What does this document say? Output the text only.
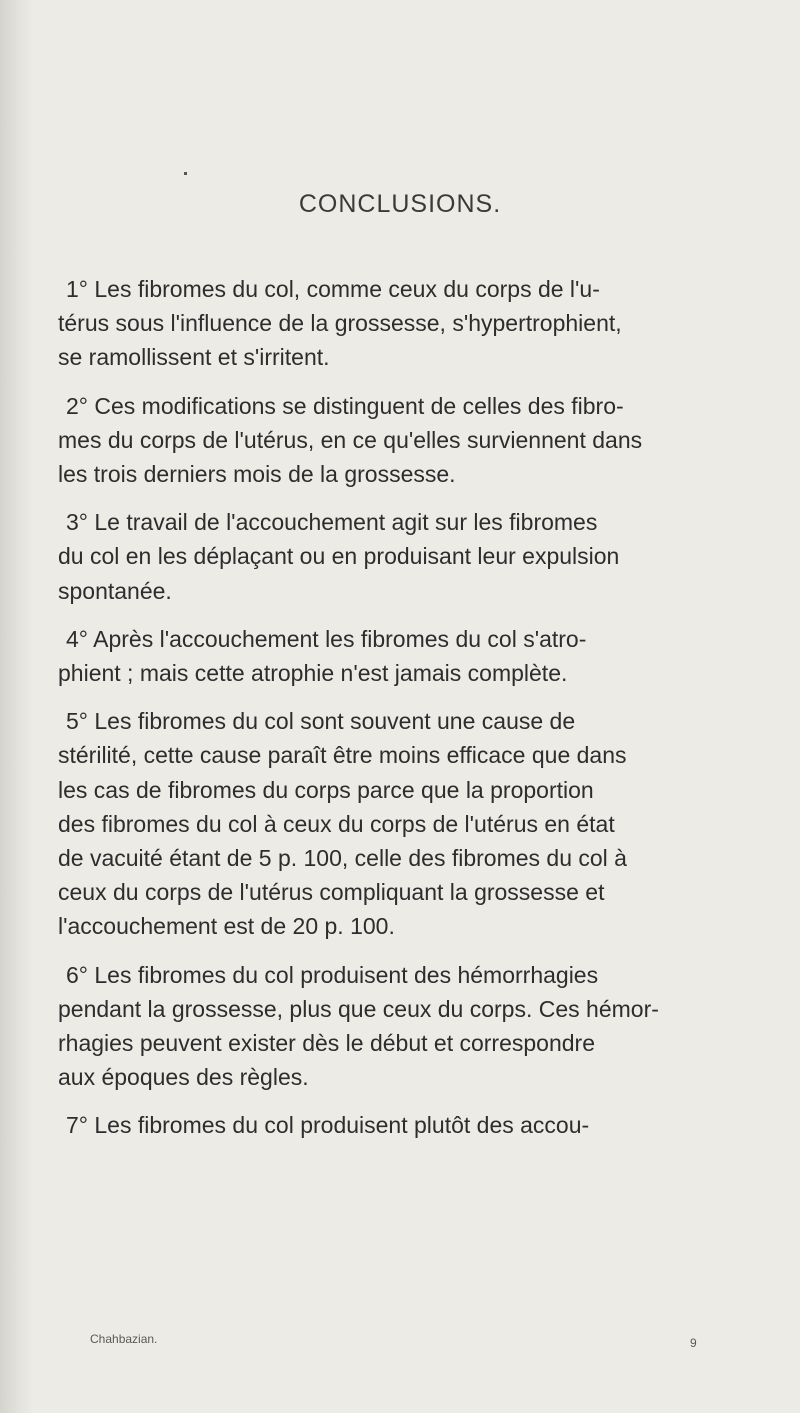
CONCLUSIONS.

1° Les fibromes du col, comme ceux du corps de l'u-
térus sous l'influence de la grossesse, s'hypertrophient,
se ramollissent et s'irritent.

2° Ces modifications se distinguent de celles des fibro-
mes du corps de l'utérus, en ce qu'elles surviennent dans
les trois derniers mois de la grossesse.

3° Le travail de l'accouchement agit sur les fibromes
du col en les déplaçant ou en produisant leur expulsion
spontanée.

4° Après l'accouchement les fibromes du col s'atro-
phient ; mais cette atrophie n'est jamais complète.

5° Les fibromes du col sont souvent une cause de
stérilité, cette cause paraît être moins efficace que dans
les cas de fibromes du corps parce que la proportion
des fibromes du col à ceux du corps de l'utérus en état
de vacuité étant de 5 p. 100, celle des fibromes du col à
ceux du corps de l'utérus compliquant la grossesse et
l'accouchement est de 20 p. 100.

6° Les fibromes du col produisent des hémorrhagies
pendant la grossesse, plus que ceux du corps. Ces hémor-
rhagies peuvent exister dès le début et correspondre
aux époques des règles.

7° Les fibromes du col produisent plutôt des accou-

Chahbazian.	9
